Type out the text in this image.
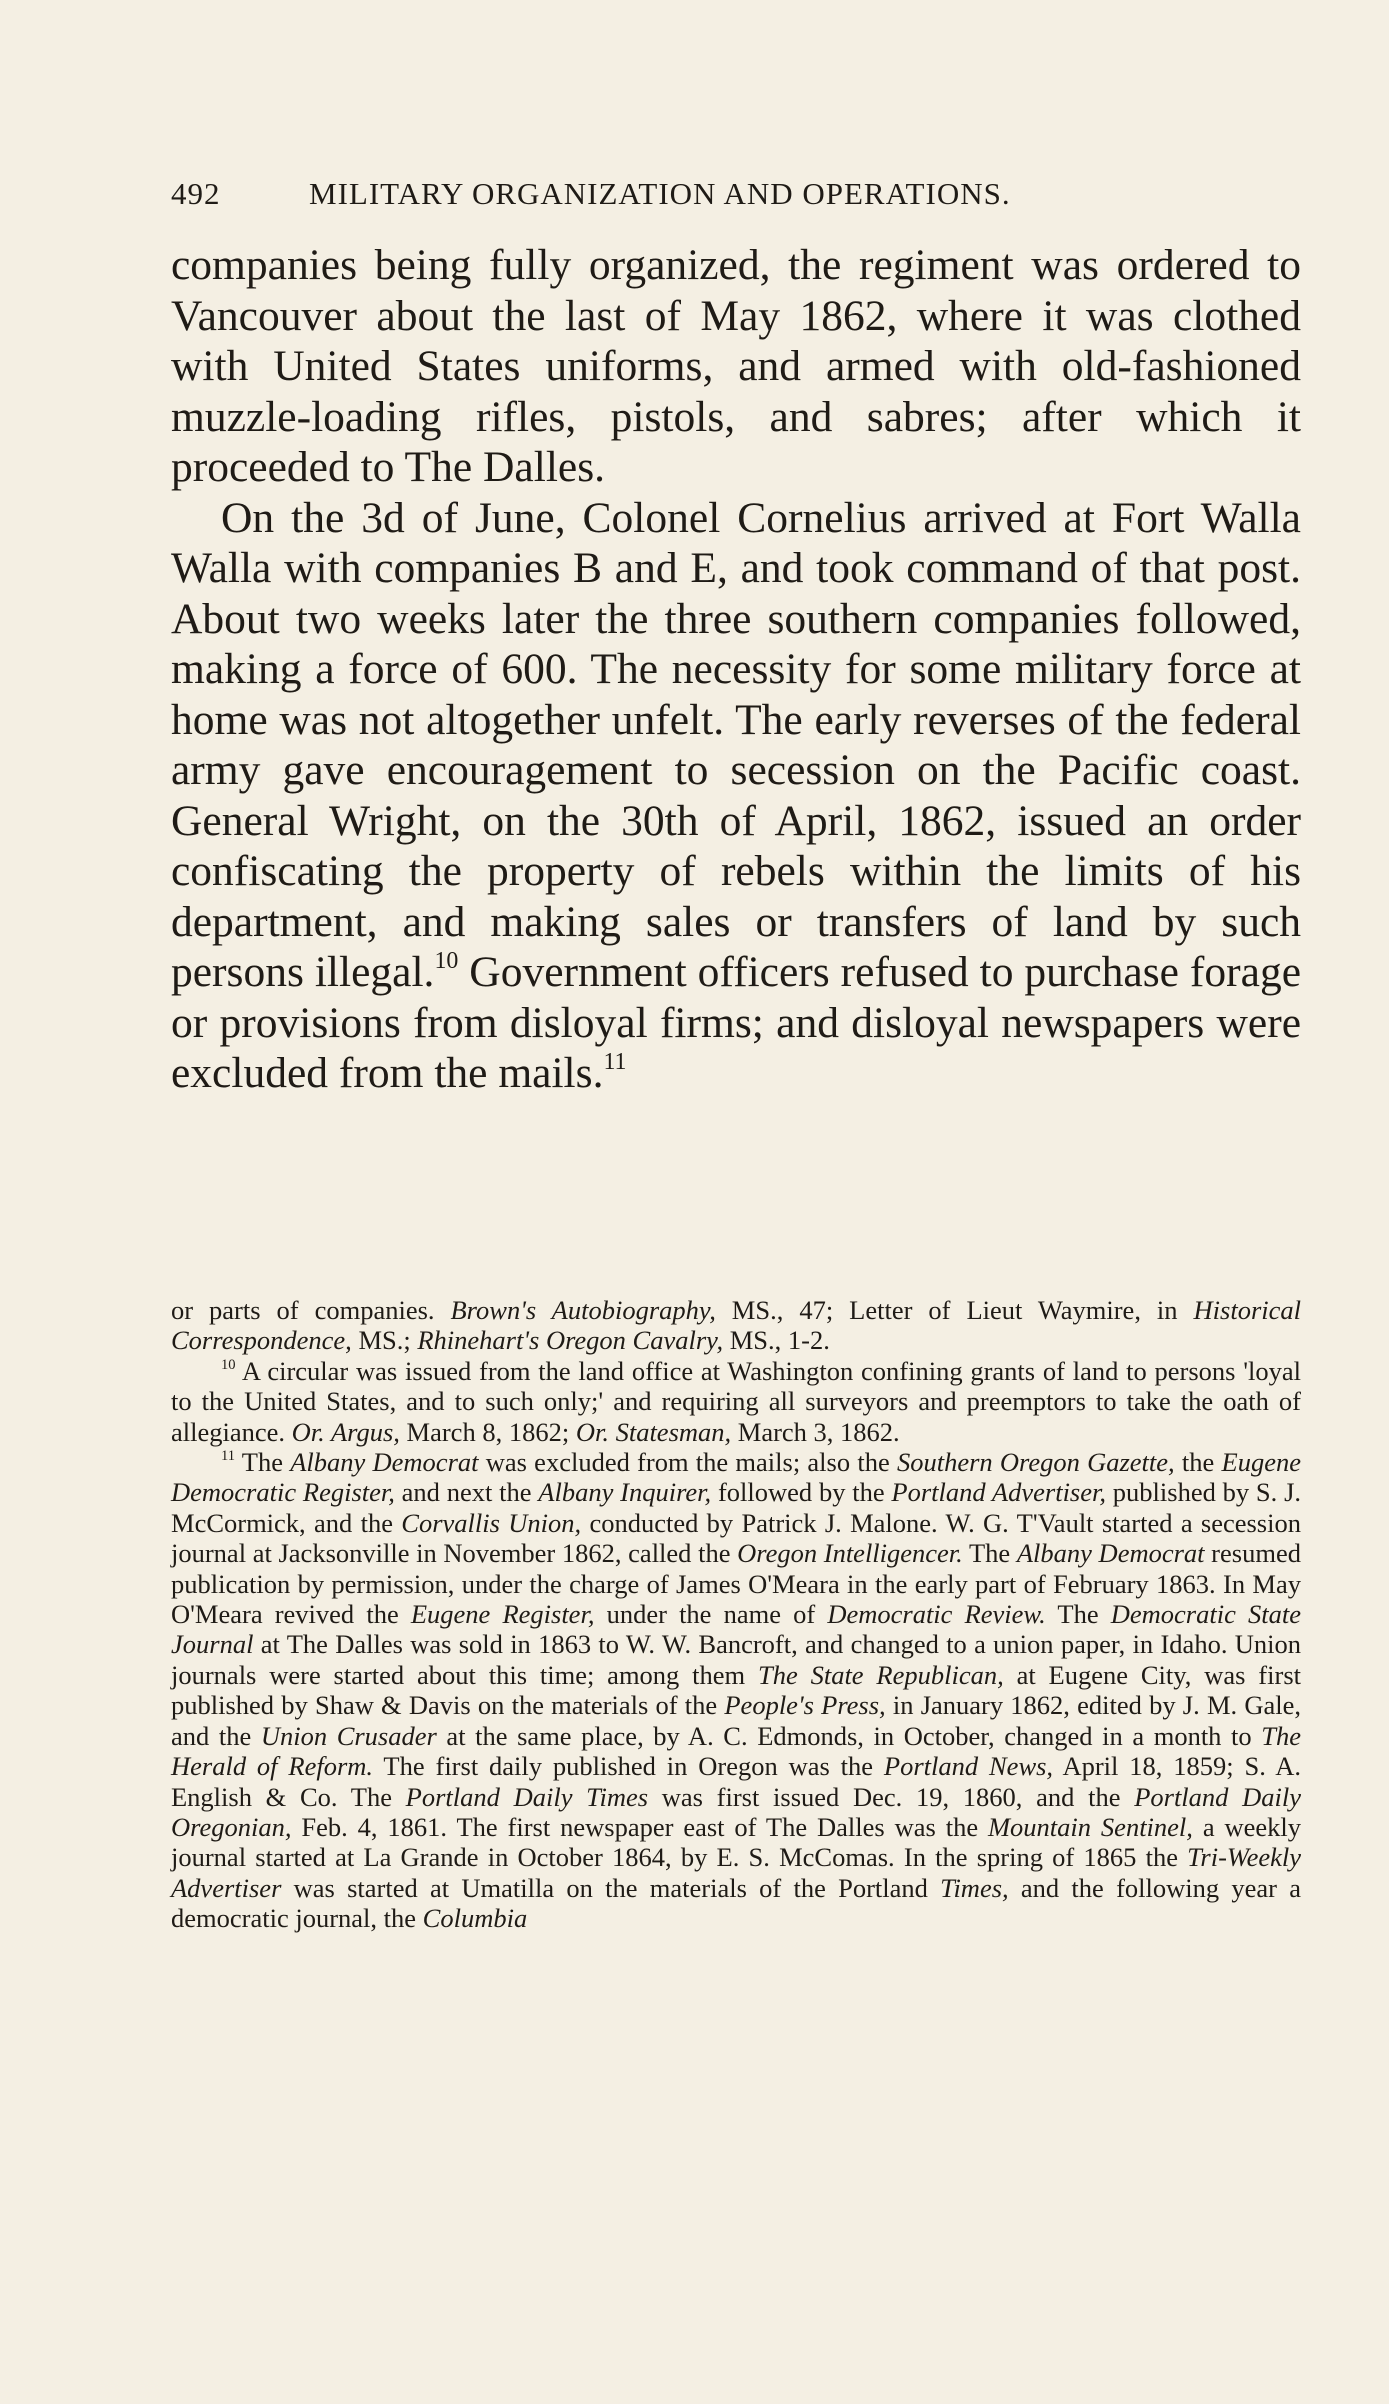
492	MILITARY ORGANIZATION AND OPERATIONS.

companies being fully organized, the regiment was ordered to Vancouver about the last of May 1862, where it was clothed with United States uniforms, and armed with old-fashioned muzzle-loading rifles, pistols, and sabres; after which it proceeded to The Dalles.

On the 3d of June, Colonel Cornelius arrived at Fort Walla Walla with companies B and E, and took command of that post. About two weeks later the three southern companies followed, making a force of 600. The necessity for some military force at home was not altogether unfelt. The early reverses of the federal army gave encouragement to secession on the Pacific coast. General Wright, on the 30th of April, 1862, issued an order confiscating the property of rebels within the limits of his department, and making sales or transfers of land by such persons illegal.$^{10}$ Government officers refused to purchase forage or provisions from disloyal firms; and disloyal newspapers were excluded from the mails.$^{11}$

or parts of companies. Brown's Autobiography, MS., 47; Letter of Lieut Waymire, in Historical Correspondence, MS.; Rhinehart's Oregon Cavalry, MS., 1-2.

$^{10}$ A circular was issued from the land office at Washington confining grants of land to persons 'loyal to the United States, and to such only;' and requiring all surveyors and preemptors to take the oath of allegiance. Or. Argus, March 8, 1862; Or. Statesman, March 3, 1862.

$^{11}$ The Albany Democrat was excluded from the mails; also the Southern Oregon Gazette, the Eugene Democratic Register, and next the Albany Inquirer, followed by the Portland Advertiser, published by S. J. McCormick, and the Corvallis Union, conducted by Patrick J. Malone. W. G. T'Vault started a secession journal at Jacksonville in November 1862, called the Oregon Intelligencer. The Albany Democrat resumed publication by permission, under the charge of James O'Meara in the early part of February 1863. In May O'Meara revived the Eugene Register, under the name of Democratic Review. The Democratic State Journal at The Dalles was sold in 1863 to W. W. Bancroft, and changed to a union paper, in Idaho. Union journals were started about this time; among them The State Republican, at Eugene City, was first published by Shaw & Davis on the materials of the People's Press, in January 1862, edited by J. M. Gale, and the Union Crusader at the same place, by A. C. Edmonds, in October, changed in a month to The Herald of Reform. The first daily published in Oregon was the Portland News, April 18, 1859; S. A. English & Co. The Portland Daily Times was first issued Dec. 19, 1860, and the Portland Daily Oregonian, Feb. 4, 1861. The first newspaper east of The Dalles was the Mountain Sentinel, a weekly journal started at La Grande in October 1864, by E. S. McComas. In the spring of 1865 the Tri-Weekly Advertiser was started at Umatilla on the materials of the Portland Times, and the following year a democratic journal, the Columbia
